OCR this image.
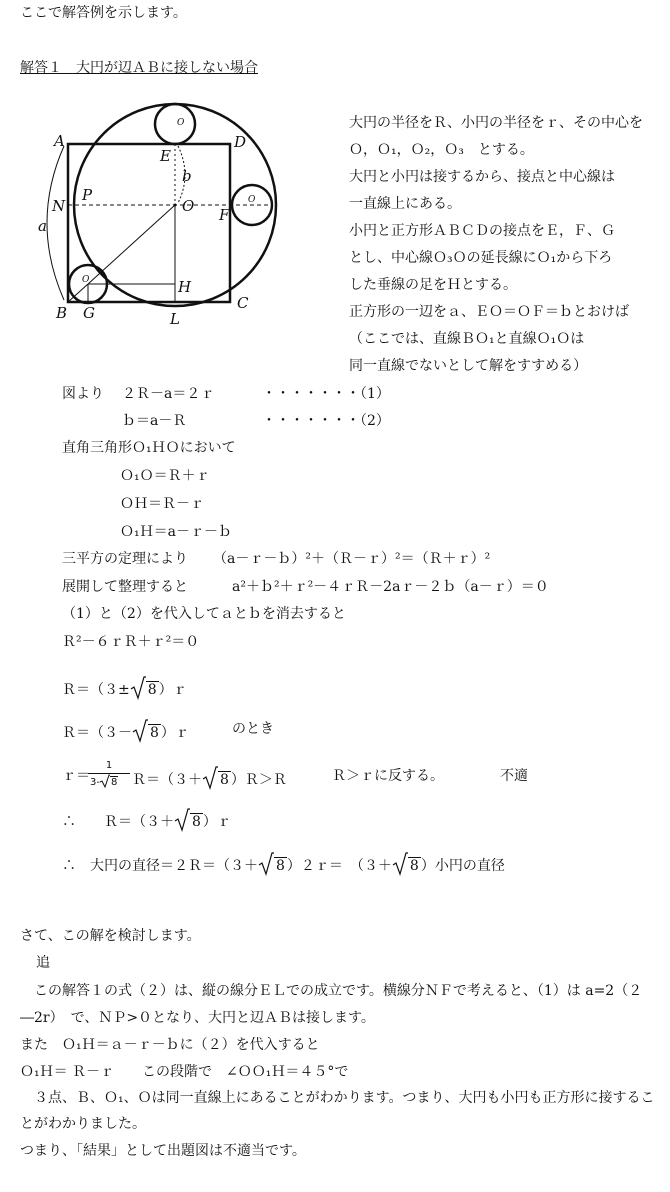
ここで解答例を示します。
解答１　大円が辺ＡＢに接しない場合
A	D
B
C
E
b
N
P
O F
a
H
G	L
O
O
O
大円の半径をＲ、小円の半径をｒ、その中心を
Ｏ，Ｏ₁，Ｏ₂，Ｏ₃　とする。
大円と小円は接するから、接点と中心線は
一直線上にある。
小円と正方形ＡＢＣＤの接点をＥ，Ｆ、Ｇ
とし、中心線Ｏ₃Ｏの延長線にＯ₁から下ろ
した垂線の足をＨとする。
正方形の一辺をａ、ＥＯ＝ＯＦ＝ｂとおけば
（ここでは、直線ＢＯ₁と直線Ｏ₁Ｏは
同一直線でないとして解をすすめる）
図より ２Ｒ－a＝２ｒ	・・・・・・・（1）
ｂ＝a－Ｒ	・・・・・・・（2）
直角三角形Ｏ₁ＨＯにおいて
Ｏ₁Ｏ＝Ｒ＋ｒ
ＯＨ＝Ｒ－ｒ
Ｏ₁Ｈ＝a－ｒ－ｂ
三平方の定理により （a－ｒ－ｂ）²＋（Ｒ－ｒ）²＝（Ｒ＋ｒ）²
展開して整理すると	a²＋ｂ²＋ｒ²－４ｒＲ－2aｒ－２ｂ（a－ｒ）＝０
（1）と（2）を代入してａとｂを消去すると
Ｒ²－６ｒＲ＋ｒ²＝０
Ｒ＝（３± 8 ）ｒ
Ｒ＝（３－ 8 ）ｒ	のとき
ｒ＝
1
3- 8	Ｒ＝（３＋ 8 ）Ｒ＞Ｒ	Ｒ＞ｒに反する。	不適
∴　　Ｒ＝（３＋ 8 ）ｒ
∴　大円の直径＝２Ｒ＝（３＋ 8 ）２ｒ＝　（３＋ 8 ）小円の直径
さて、この解を検討します。
追
この解答１の式（２）は、縦の線分ＥＬでの成立です。横線分ＮＦで考えると、（1）は a=2（２
―2r）　で、ＮＰ>０となり、大円と辺ＡＢは接します。
また　Ｏ₁Ｈ＝ａ－ｒ－ｂに（２）を代入すると
Ｏ₁Ｈ＝ Ｒ－ｒ　　この段階で　∠ＯＯ₁Ｈ＝４５°で
３点、Ｂ、Ｏ₁、Ｏは同一直線上にあることがわかります。つまり、大円も小円も正方形に接するこ
とがわかりました。
つまり、「結果」として出題図は不適当です。
